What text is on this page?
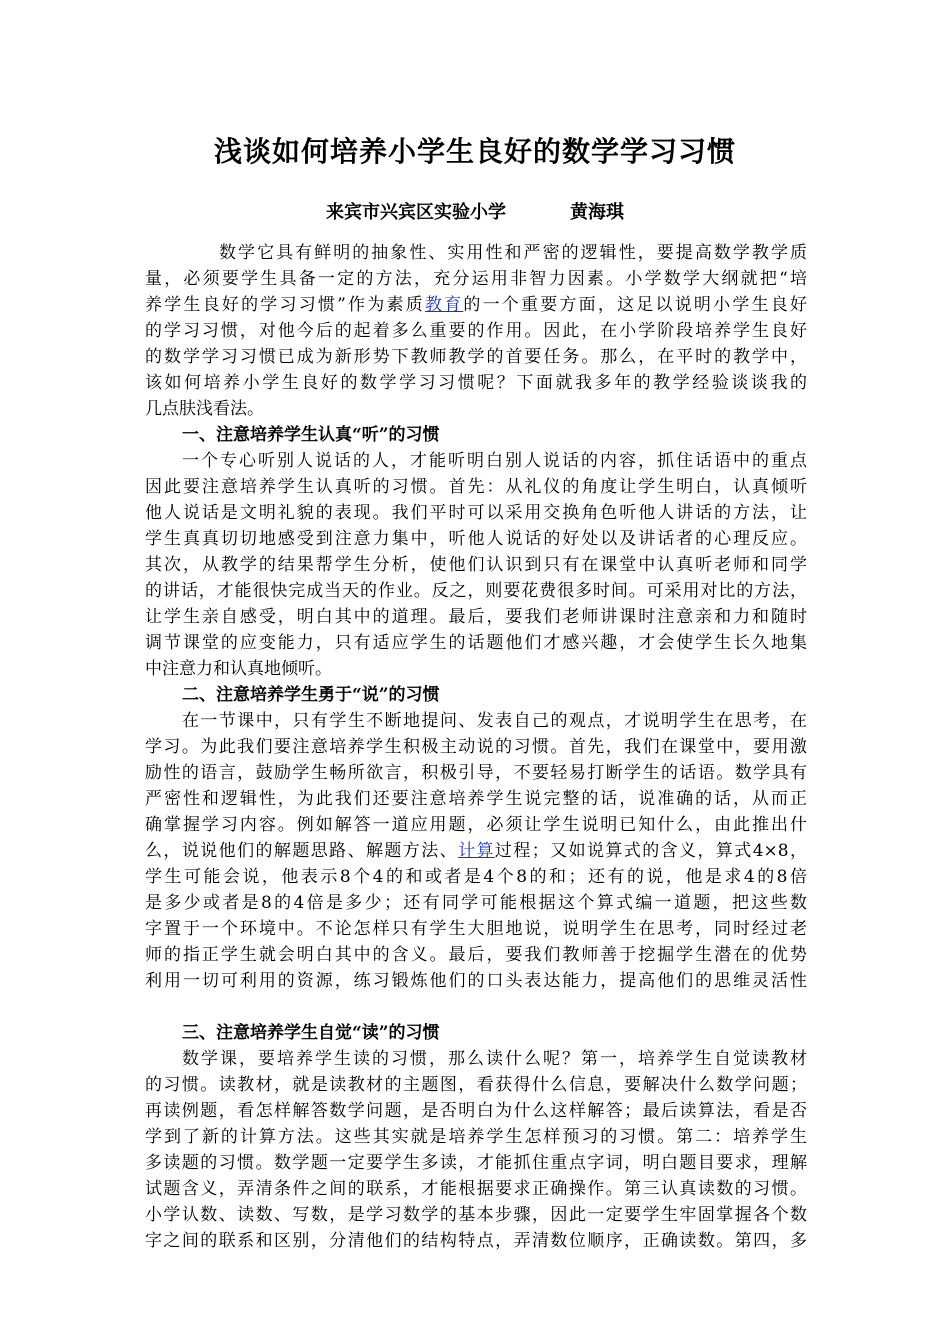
浅谈如何培养小学生良好的数学学习习惯
来宾市兴宾区实验小学	黄海琪
数学它具有鲜明的抽象性、实用性和严密的逻辑性，要提高数学教学质
量，必须要学生具备一定的方法，充分运用非智力因素。小学数学大纲就把“培
养学生良好的学习习惯”作为素质教育的一个重要方面，这足以说明小学生良好
的学习习惯，对他今后的起着多么重要的作用。因此，在小学阶段培养学生良好
的数学学习习惯已成为新形势下教师教学的首要任务。那么，在平时的教学中，
该如何培养小学生良好的数学学习习惯呢？下面就我多年的教学经验谈谈我的
几点肤浅看法。
一、注意培养学生认真“听”的习惯
一个专心听别人说话的人，才能听明白别人说话的内容，抓住话语中的重点
因此要注意培养学生认真听的习惯。首先：从礼仪的角度让学生明白，认真倾听
他人说话是文明礼貌的表现。我们平时可以采用交换角色听他人讲话的方法，让
学生真真切切地感受到注意力集中，听他人说话的好处以及讲话者的心理反应。
其次，从教学的结果帮学生分析，使他们认识到只有在课堂中认真听老师和同学
的讲话，才能很快完成当天的作业。反之，则要花费很多时间。可采用对比的方法，
让学生亲自感受，明白其中的道理。最后，要我们老师讲课时注意亲和力和随时
调节课堂的应变能力，只有适应学生的话题他们才感兴趣，才会使学生长久地集
中注意力和认真地倾听。
二、注意培养学生勇于“说”的习惯
在一节课中，只有学生不断地提问、发表自己的观点，才说明学生在思考，在
学习。为此我们要注意培养学生积极主动说的习惯。首先，我们在课堂中，要用激
励性的语言，鼓励学生畅所欲言，积极引导，不要轻易打断学生的话语。数学具有
严密性和逻辑性，为此我们还要注意培养学生说完整的话，说准确的话，从而正
确掌握学习内容。例如解答一道应用题，必须让学生说明已知什么，由此推出什
么，说说他们的解题思路、解题方法、计算过程；又如说算式的含义，算式4×8，
学生可能会说，他表示8个4的和或者是4个8的和；还有的说，他是求4的8倍
是多少或者是8的4倍是多少；还有同学可能根据这个算式编一道题，把这些数
字置于一个环境中。不论怎样只有学生大胆地说，说明学生在思考，同时经过老
师的指正学生就会明白其中的含义。最后，要我们教师善于挖掘学生潜在的优势
利用一切可利用的资源，练习锻炼他们的口头表达能力，提高他们的思维灵活性
三、注意培养学生自觉“读”的习惯
数学课，要培养学生读的习惯，那么读什么呢？第一，培养学生自觉读教材
的习惯。读教材，就是读教材的主题图，看获得什么信息，要解决什么数学问题；
再读例题，看怎样解答数学问题，是否明白为什么这样解答；最后读算法，看是否
学到了新的计算方法。这些其实就是培养学生怎样预习的习惯。第二：培养学生
多读题的习惯。数学题一定要学生多读，才能抓住重点字词，明白题目要求，理解
试题含义，弄清条件之间的联系，才能根据要求正确操作。第三认真读数的习惯。
小学认数、读数、写数，是学习数学的基本步骤，因此一定要学生牢固掌握各个数
字之间的联系和区别，分清他们的结构特点，弄清数位顺序，正确读数。第四，多
